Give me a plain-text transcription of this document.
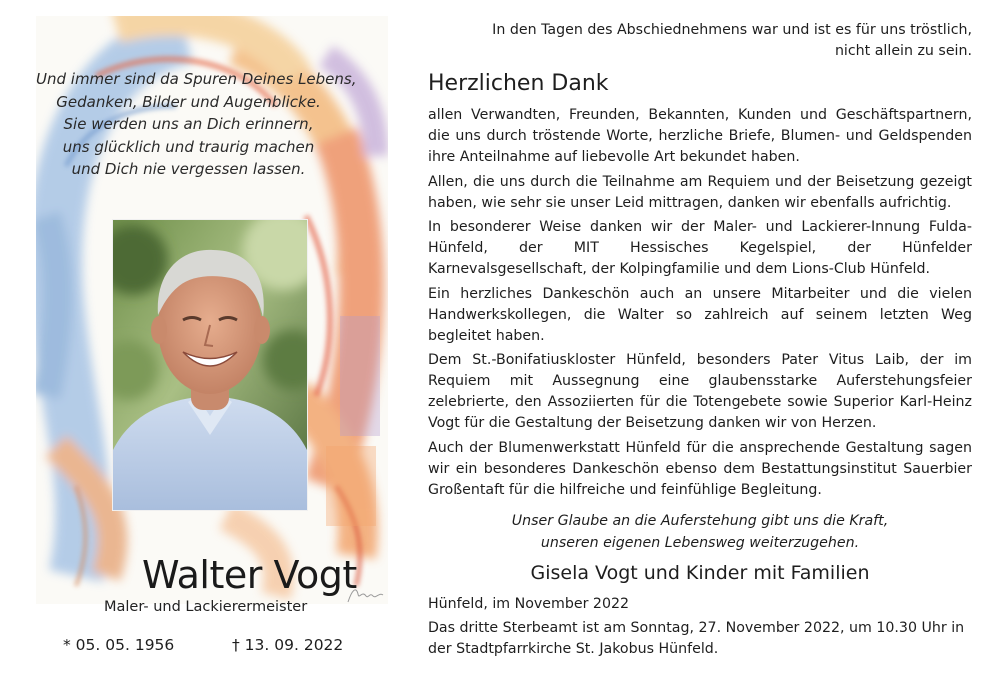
Und immer sind da Spuren Deines Lebens,
Gedanken, Bilder und Augenblicke.
Sie werden uns an Dich erinnern,
uns glücklich und traurig machen
und Dich nie vergessen lassen.

Walter Vogt
Maler- und Lackierermeister
* 05. 05. 1956	† 13. 09. 2022

In den Tagen des Abschiednehmens war und ist es für uns tröstlich,
nicht allein zu sein.

Herzlichen Dank

allen Verwandten, Freunden, Bekannten, Kunden und Geschäftspartnern, die uns durch tröstende Worte, herzliche Briefe, Blumen- und Geldspenden ihre Anteilnahme auf liebevolle Art bekundet haben.

Allen, die uns durch die Teilnahme am Requiem und der Beisetzung gezeigt haben, wie sehr sie unser Leid mittragen, danken wir ebenfalls aufrichtig.

In besonderer Weise danken wir der Maler- und Lackierer-Innung Fulda-Hünfeld, der MIT Hessisches Kegelspiel, der Hünfelder Karnevalsgesellschaft, der Kolpingfamilie und dem Lions-Club Hünfeld.

Ein herzliches Dankeschön auch an unsere Mitarbeiter und die vielen Handwerkskollegen, die Walter so zahlreich auf seinem letzten Weg begleitet haben.

Dem St.-Bonifatiuskloster Hünfeld, besonders Pater Vitus Laib, der im Requiem mit Aussegnung eine glaubensstarke Auferstehungsfeier zelebrierte, den Assoziierten für die Totengebete sowie Superior Karl-Heinz Vogt für die Gestaltung der Beisetzung danken wir von Herzen.

Auch der Blumenwerkstatt Hünfeld für die ansprechende Gestaltung sagen wir ein besonderes Dankeschön ebenso dem Bestattungsinstitut Sauerbier Großentaft für die hilfreiche und feinfühlige Begleitung.

Unser Glaube an die Auferstehung gibt uns die Kraft,
unseren eigenen Lebensweg weiterzugehen.

Gisela Vogt und Kinder mit Familien

Hünfeld, im November 2022

Das dritte Sterbeamt ist am Sonntag, 27. November 2022, um 10.30 Uhr in der Stadtpfarrkirche St. Jakobus Hünfeld.
